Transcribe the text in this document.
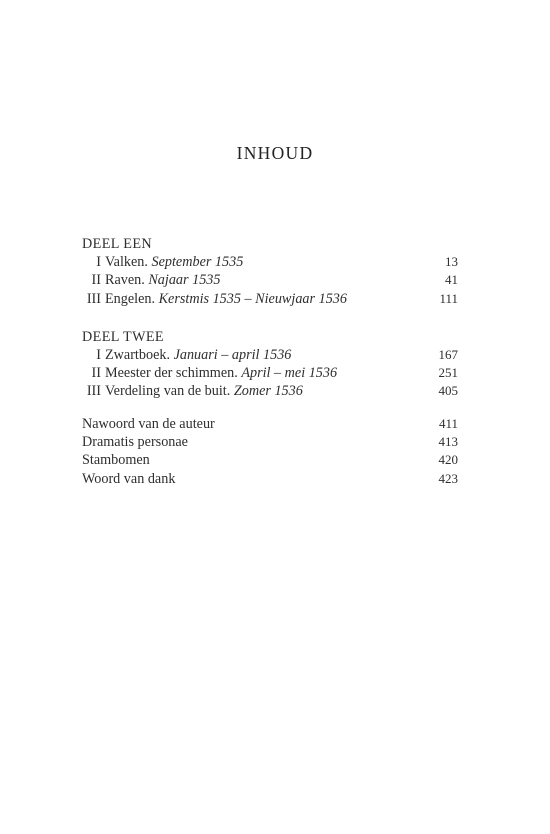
INHOUD
DEEL EEN
I Valken. September 1535	13
II Raven. Najaar 1535	41
III Engelen. Kerstmis 1535 – Nieuwjaar 1536	111
DEEL TWEE
I Zwartboek. Januari – april 1536	167
II Meester der schimmen. April – mei 1536	251
III Verdeling van de buit. Zomer 1536	405
Nawoord van de auteur	411
Dramatis personae	413
Stambomen	420
Woord van dank	423
